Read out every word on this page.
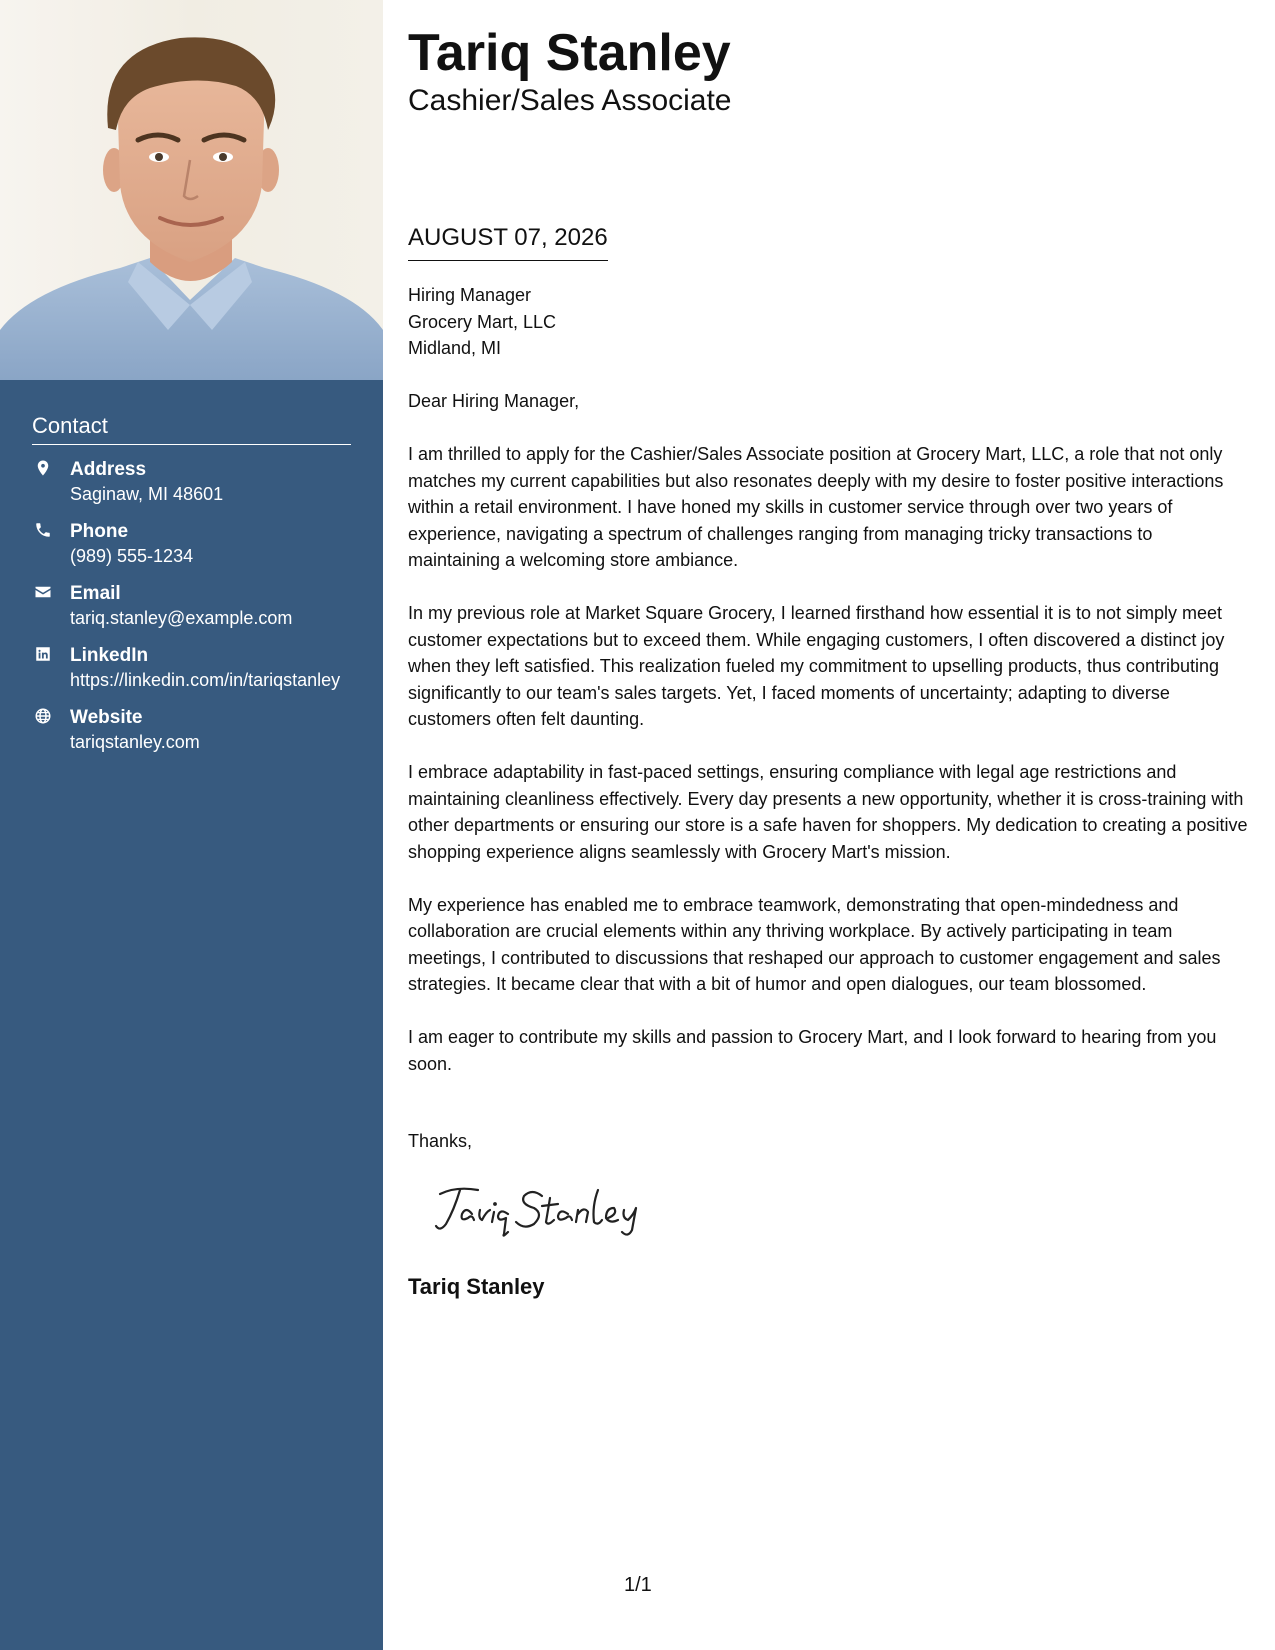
Contact
Address
Saginaw, MI 48601
Phone
(989) 555-1234
Email
tariq.stanley@example.com
LinkedIn
https://linkedin.com/in/tariqstanley
Website
tariqstanley.com
Tariq Stanley
Cashier/Sales Associate
AUGUST 07, 2026
Hiring Manager
Grocery Mart, LLC
Midland, MI

Dear Hiring Manager,

I am thrilled to apply for the Cashier/Sales Associate position at Grocery Mart, LLC, a role that not only matches my current capabilities but also resonates deeply with my desire to foster positive interactions within a retail environment. I have honed my skills in customer service through over two years of experience, navigating a spectrum of challenges ranging from managing tricky transactions to maintaining a welcoming store ambiance.

In my previous role at Market Square Grocery, I learned firsthand how essential it is to not simply meet customer expectations but to exceed them. While engaging customers, I often discovered a distinct joy when they left satisfied. This realization fueled my commitment to upselling products, thus contributing significantly to our team's sales targets. Yet, I faced moments of uncertainty; adapting to diverse customers often felt daunting.

I embrace adaptability in fast-paced settings, ensuring compliance with legal age restrictions and maintaining cleanliness effectively. Every day presents a new opportunity, whether it is cross-training with other departments or ensuring our store is a safe haven for shoppers. My dedication to creating a positive shopping experience aligns seamlessly with Grocery Mart's mission.

My experience has enabled me to embrace teamwork, demonstrating that open-mindedness and collaboration are crucial elements within any thriving workplace. By actively participating in team meetings, I contributed to discussions that reshaped our approach to customer engagement and sales strategies. It became clear that with a bit of humor and open dialogues, our team blossomed.

I am eager to contribute my skills and passion to Grocery Mart, and I look forward to hearing from you soon.

Thanks,
Tariq Stanley
1/1
